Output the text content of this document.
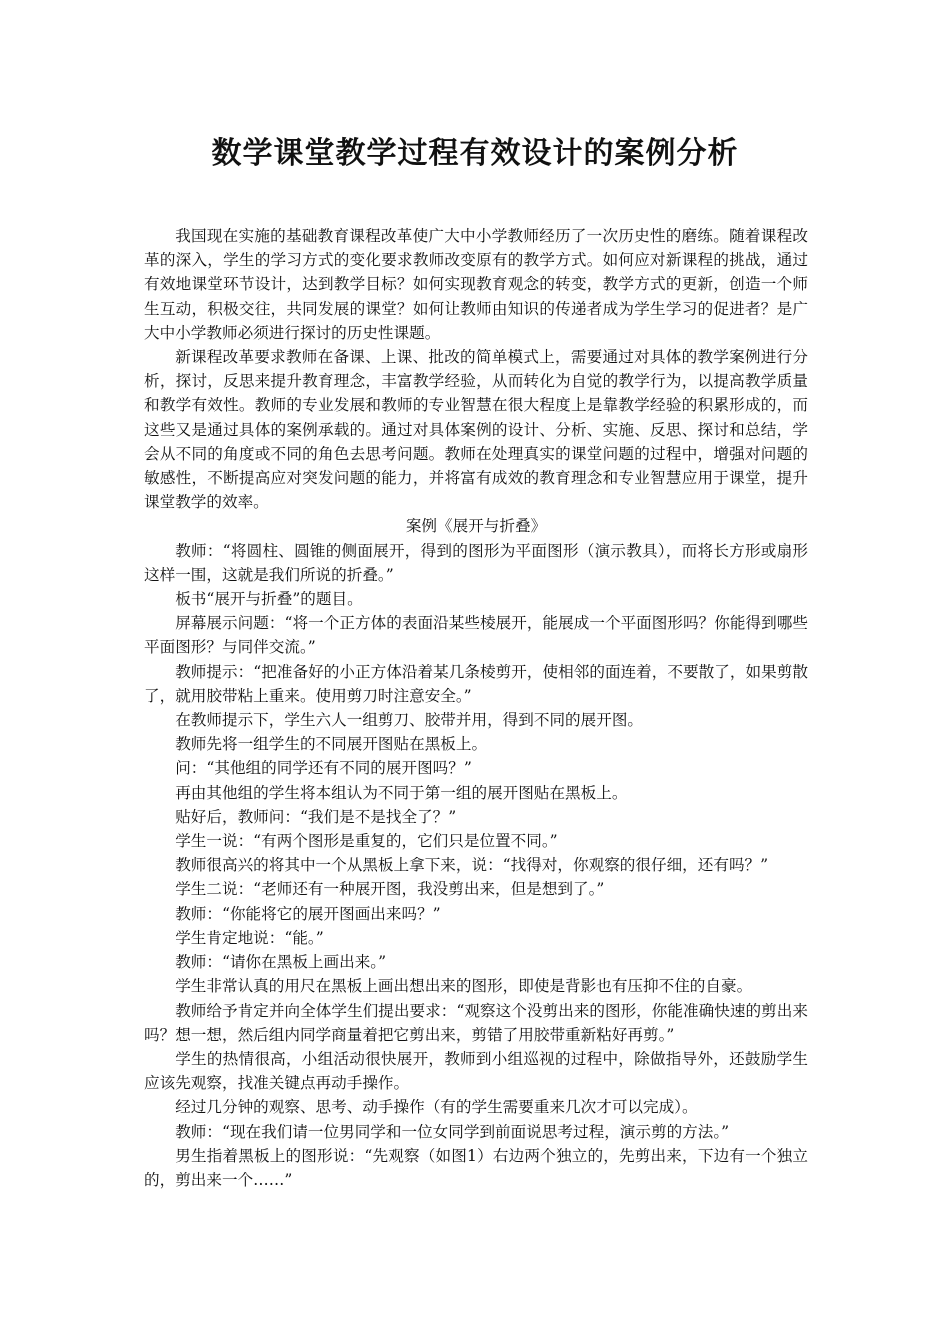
数学课堂教学过程有效设计的案例分析

我国现在实施的基础教育课程改革使广大中小学教师经历了一次历史性的磨练。随着课程改革的深入，学生的学习方式的变化要求教师改变原有的教学方式。如何应对新课程的挑战，通过有效地课堂环节设计，达到教学目标？如何实现教育观念的转变，教学方式的更新，创造一个师生互动，积极交往，共同发展的课堂？如何让教师由知识的传递者成为学生学习的促进者？是广大中小学教师必须进行探讨的历史性课题。

新课程改革要求教师在备课、上课、批改的简单模式上，需要通过对具体的教学案例进行分析，探讨，反思来提升教育理念，丰富教学经验，从而转化为自觉的教学行为，以提高教学质量和教学有效性。教师的专业发展和教师的专业智慧在很大程度上是靠教学经验的积累形成的，而这些又是通过具体的案例承载的。通过对具体案例的设计、分析、实施、反思、探讨和总结，学会从不同的角度或不同的角色去思考问题。教师在处理真实的课堂问题的过程中，增强对问题的敏感性，不断提高应对突发问题的能力，并将富有成效的教育理念和专业智慧应用于课堂，提升课堂教学的效率。

案例《展开与折叠》

教师：“将圆柱、圆锥的侧面展开，得到的图形为平面图形（演示教具），而将长方形或扇形这样一围，这就是我们所说的折叠。”

板书“展开与折叠”的题目。

屏幕展示问题：“将一个正方体的表面沿某些棱展开，能展成一个平面图形吗？你能得到哪些平面图形？与同伴交流。”

教师提示：“把准备好的小正方体沿着某几条棱剪开，使相邻的面连着，不要散了，如果剪散了，就用胶带粘上重来。使用剪刀时注意安全。”

在教师提示下，学生六人一组剪刀、胶带并用，得到不同的展开图。

教师先将一组学生的不同展开图贴在黑板上。

问：“其他组的同学还有不同的展开图吗？”

再由其他组的学生将本组认为不同于第一组的展开图贴在黑板上。

贴好后，教师问：“我们是不是找全了？”

学生一说：“有两个图形是重复的，它们只是位置不同。”

教师很高兴的将其中一个从黑板上拿下来，说：“找得对，你观察的很仔细，还有吗？”

学生二说：“老师还有一种展开图，我没剪出来，但是想到了。”

教师：“你能将它的展开图画出来吗？”

学生肯定地说：“能。”

教师：“请你在黑板上画出来。”

学生非常认真的用尺在黑板上画出想出来的图形，即使是背影也有压抑不住的自豪。

教师给予肯定并向全体学生们提出要求：“观察这个没剪出来的图形，你能准确快速的剪出来吗？想一想，然后组内同学商量着把它剪出来，剪错了用胶带重新粘好再剪。”

学生的热情很高，小组活动很快展开，教师到小组巡视的过程中，除做指导外，还鼓励学生应该先观察，找准关键点再动手操作。

经过几分钟的观察、思考、动手操作（有的学生需要重来几次才可以完成）。

教师：“现在我们请一位男同学和一位女同学到前面说思考过程，演示剪的方法。”

男生指着黑板上的图形说：“先观察（如图1）右边两个独立的，先剪出来，下边有一个独立的，剪出来一个……”
